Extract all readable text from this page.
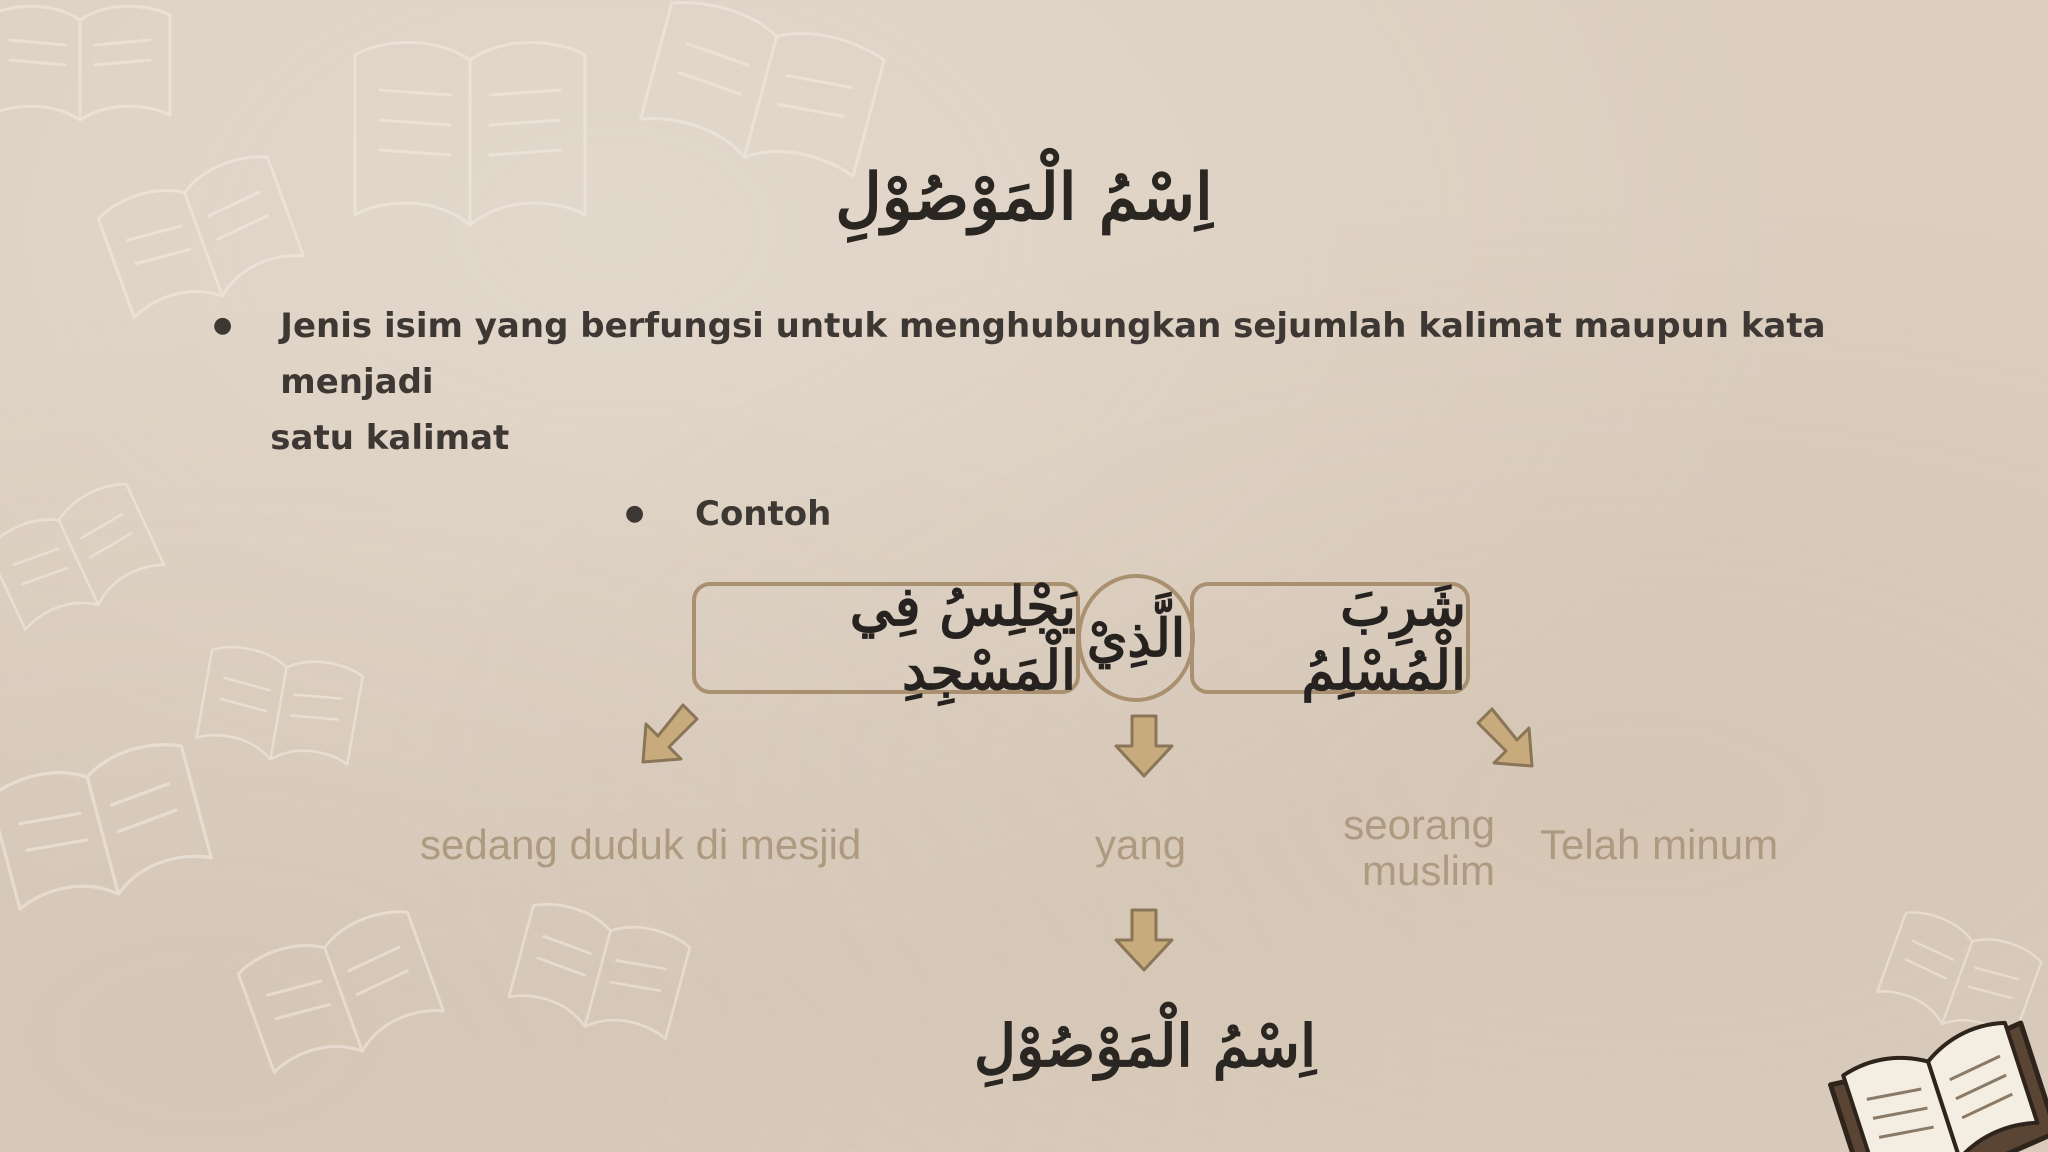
اِسْمُ الْمَوْصُوْلِ
●	Jenis isim yang berfungsi untuk menghubungkan sejumlah kalimat maupun kata menjadi
satu kalimat
●	Contoh
يَجْلِسُ فِي الْمَسْجِدِ الَّذِيْ	شَرِبَ الْمُسْلِمُ
sedang duduk di mesjid	yang	seorang
muslim
Telah minum
اِسْمُ الْمَوْصُوْلِ
